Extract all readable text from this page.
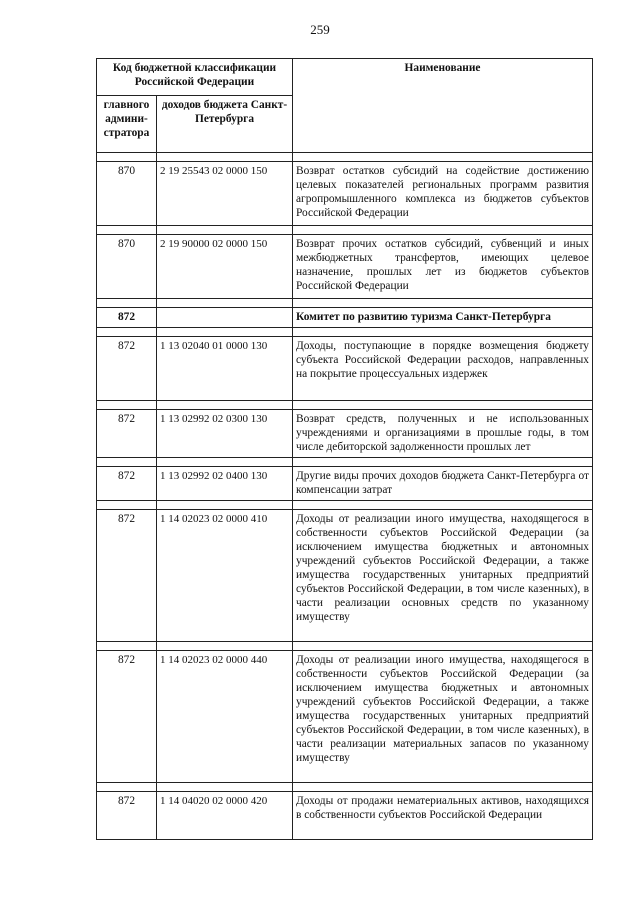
259
Код бюджетной классификации Российской Федерации		Наименование
главного админи-стратора	доходов бюджета Санкт-Петербурга	

870	2 19 25543 02 0000 150	Возврат остатков субсидий на содействие достижению целевых показателей региональных программ развития агропромышленного комплекса из бюджетов субъектов Российской Федерации

870	2 19 90000 02 0000 150	Возврат прочих остатков субсидий, субвенций и иных межбюджетных трансфертов, имеющих целевое назначение, прошлых лет из бюджетов субъектов Российской Федерации

872		Комитет по развитию туризма Санкт-Петербурга

872	1 13 02040 01 0000 130	Доходы, поступающие в порядке возмещения бюджету субъекта Российской Федерации расходов, направленных на покрытие процессуальных издержек

872	1 13 02992 02 0300 130	Возврат средств, полученных и не использованных учреждениями и организациями в прошлые годы, в том числе дебиторской задолженности прошлых лет

872	1 13 02992 02 0400 130	Другие виды прочих доходов бюджета Санкт-Петербурга от компенсации затрат

872	1 14 02023 02 0000 410	Доходы от реализации иного имущества, находящегося в собственности субъектов Российской Федерации (за исключением имущества бюджетных и автономных учреждений субъектов Российской Федерации, а также имущества государственных унитарных предприятий субъектов Российской Федерации, в том числе казенных), в части реализации основных средств по указанному имуществу

872	1 14 02023 02 0000 440	Доходы от реализации иного имущества, находящегося в собственности субъектов Российской Федерации (за исключением имущества бюджетных и автономных учреждений субъектов Российской Федерации, а также имущества государственных унитарных предприятий субъектов Российской Федерации, в том числе казенных), в части реализации материальных запасов по указанному имуществу

872	1 14 04020 02 0000 420	Доходы от продажи нематериальных активов, находящихся в собственности субъектов Российской Федерации
